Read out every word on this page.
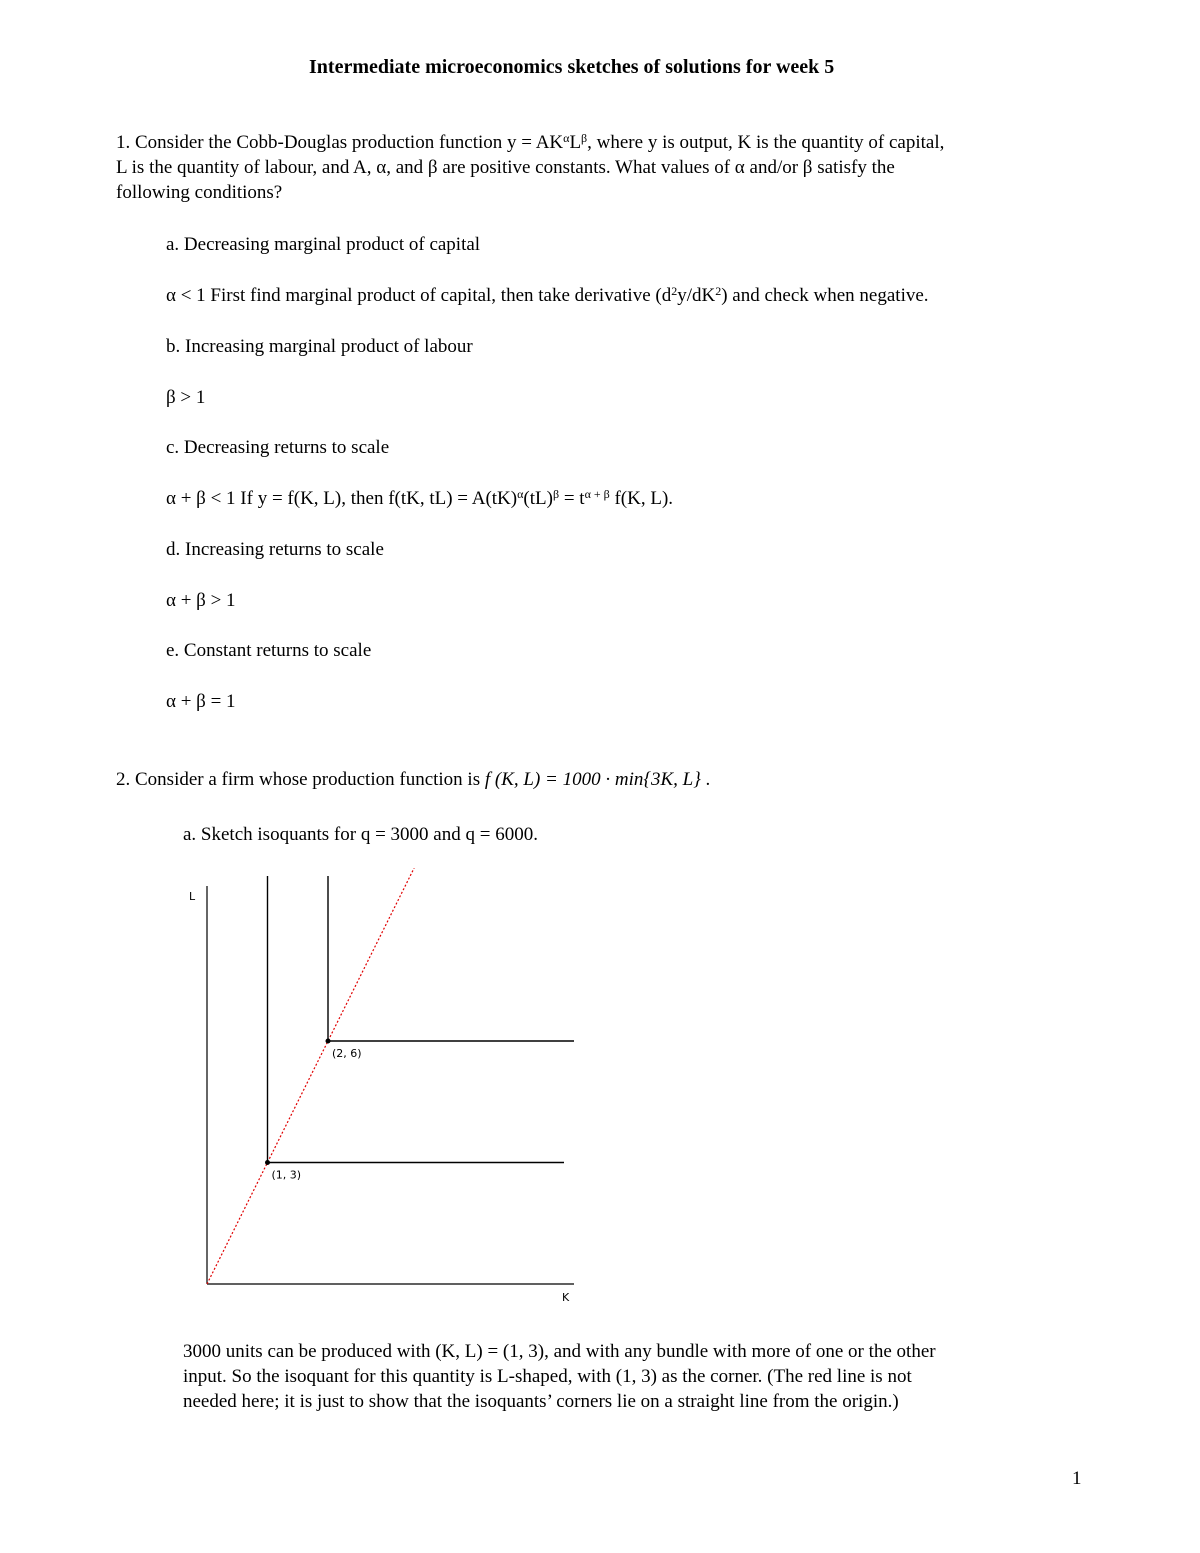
Intermediate microeconomics sketches of solutions for week 5
1. Consider the Cobb-Douglas production function $y = AK^\alpha L^\beta$, where y is output, K is the quantity of capital,
L is the quantity of labour, and A, α, and β are positive constants. What values of α and/or β satisfy the
following conditions?
a. Decreasing marginal product of capital
α < 1 First find marginal product of capital, then take derivative $(d^2y/dK^2)$ and check when negative.
b. Increasing marginal product of labour
β > 1
c. Decreasing returns to scale
α + β < 1 If y = f(K, L), then f(tK, $tL) = A(tK)^\alpha(tL)^\beta = t^{\alpha + \beta}$ f(K, L).
d. Increasing returns to scale
α + β > 1
e. Constant returns to scale
α + β = 1
2. Consider a firm whose production function is f (K, L) = 1000 · min{3K, L} .
a. Sketch isoquants for q = 3000 and q = 6000.
L
K
(1, 3)
(2, 6)
3000 units can be produced with (K, L) = (1, 3), and with any bundle with more of one or the other
input. So the isoquant for this quantity is L-shaped, with (1, 3) as the corner. (The red line is not
needed here; it is just to show that the isoquants’ corners lie on a straight line from the origin.)
1
